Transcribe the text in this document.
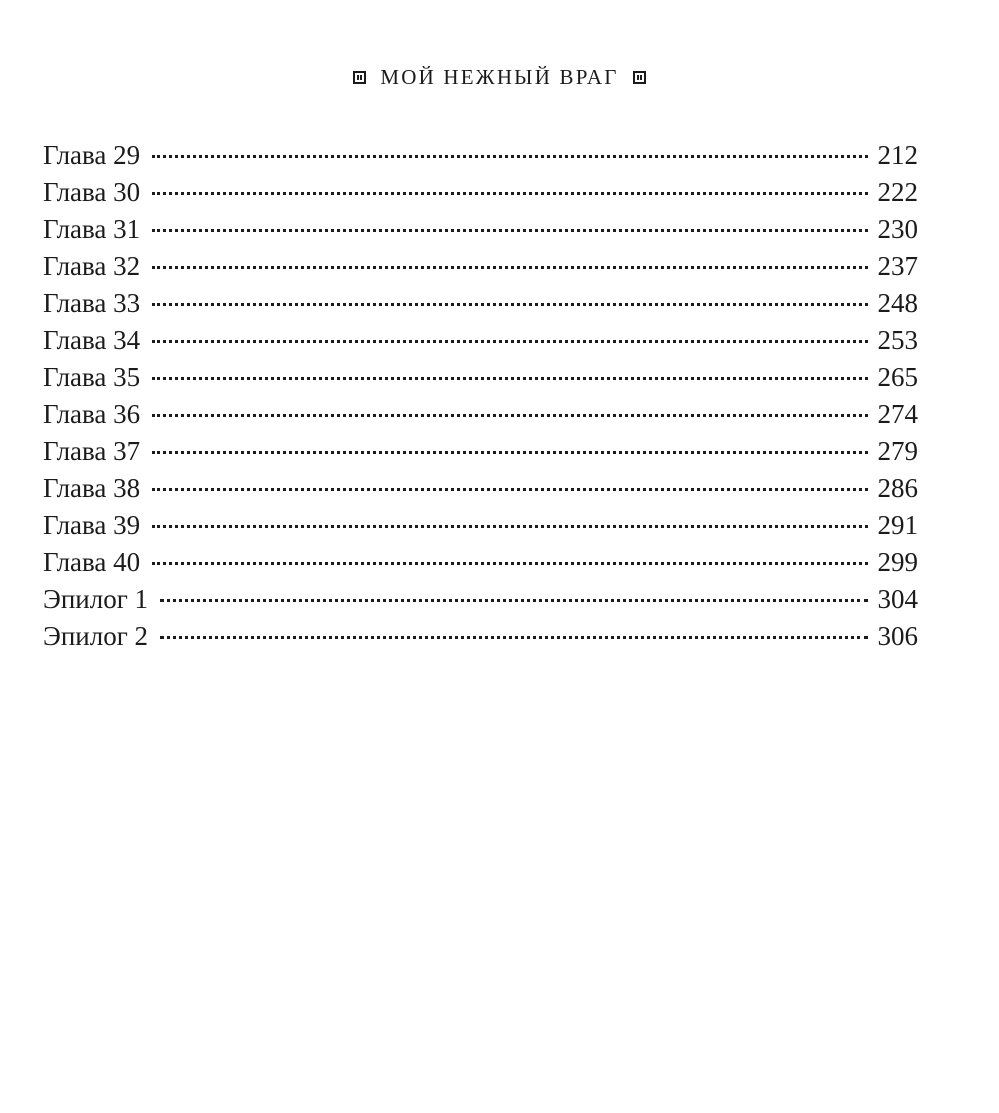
МОЙ НЕЖНЫЙ ВРАГ
Глава 29	212
Глава 30	222
Глава 31	230
Глава 32	237
Глава 33	248
Глава 34	253
Глава 35	265
Глава 36	274
Глава 37	279
Глава 38	286
Глава 39	291
Глава 40	299
Эпилог 1	304
Эпилог 2	306
